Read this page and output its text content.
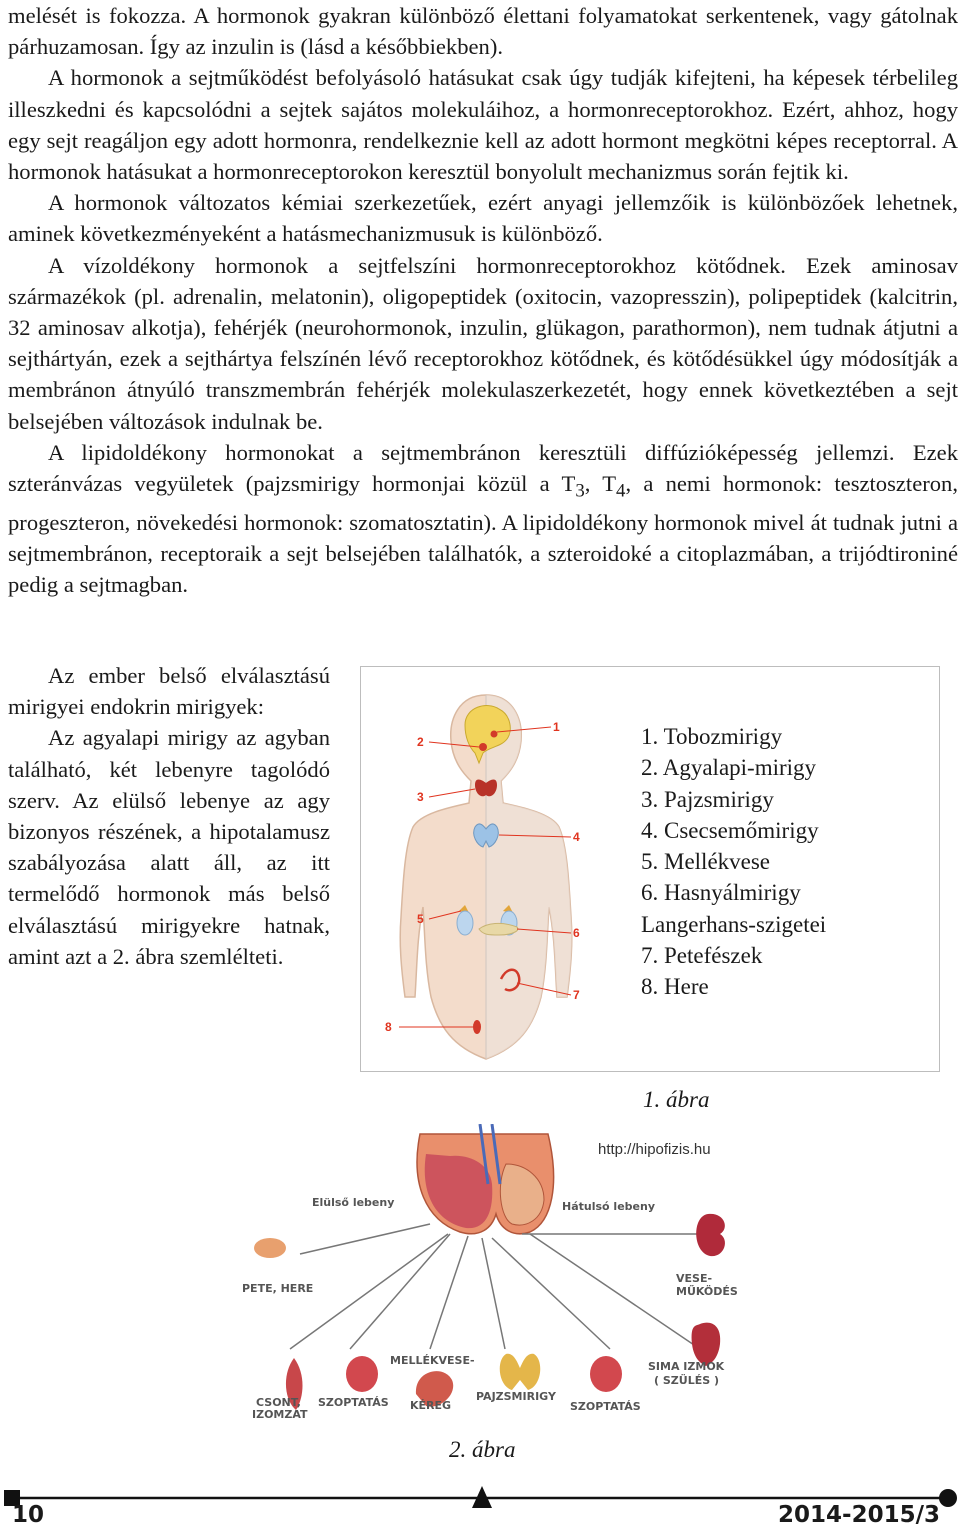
melését is fokozza. A hormonok gyakran különböző élettani folyamatokat serkentenek, vagy gátolnak párhuzamosan. Így az inzulin is (lásd a későbbiekben).

A hormonok a sejtműködést befolyásoló hatásukat csak úgy tudják kifejteni, ha képesek térbelileg illeszkedni és kapcsolódni a sejtek sajátos molekuláihoz, a hormonreceptorokhoz. Ezért, ahhoz, hogy egy sejt reagáljon egy adott hormonra, rendelkeznie kell az adott hormont megkötni képes receptorral. A hormonok hatásukat a hormonreceptorokon keresztül bonyolult mechanizmus során fejtik ki.

A hormonok változatos kémiai szerkezetűek, ezért anyagi jellemzőik is különbözőek lehetnek, aminek következményeként a hatásmechanizmusuk is különböző.

A vízoldékony hormonok a sejtfelszíni hormonreceptorokhoz kötődnek. Ezek aminosav származékok (pl. adrenalin, melatonin), oligopeptidek (oxitocin, vazopresszin), polipeptidek (kalcitrin, 32 aminosav alkotja), fehérjék (neurohormonok, inzulin, glükagon, parathormon), nem tudnak átjutni a sejthártyán, ezek a sejthártya felszínén lévő receptorokhoz kötődnek, és kötődésükkel úgy módosítják a membránon átnyúló transzmembrán fehérjék molekulaszerkezetét, hogy ennek következtében a sejt belsejében változások indulnak be.

A lipidoldékony hormonokat a sejtmembránon keresztüli diffúzióképesség jellemzi. Ezek szteránvázas vegyületek (pajzsmirigy hormonjai közül a $T_3$, $T_4$, a nemi hormonok: tesztoszteron, progeszteron, növekedési hormonok: szomatosztatin). A lipidoldékony hormonok mivel át tudnak jutni a sejtmembránon, receptoraik a sejt belsejében találhatók, a szteroidoké a citoplazmában, a trijódtironiné pedig a sejtmagban.

Az ember belső elválasztású mirigyei endokrin mirigyek:

Az agyalapi mirigy az agyban található, két lebenyre tagolódó szerv. Az elülső lebenye az agy bizonyos részének, a hipotalamusz szabályozása alatt áll, az itt termelődő hormonok más belső elválasztású mirigyekre hatnak, amint azt a 2. ábra szemlélteti.

1
2
3
4
5
6
7
8
1. Tobozmirigy
2. Agyalapi-mirigy
3. Pajzsmirigy
4. Csecsemőmirigy
5. Mellékvese
6. Hasnyálmirigy
Langerhans-szigetei
7. Petefészek
8. Here
1. ábra
http://hipofizis.hu
Elülső lebeny	Hátulsó lebeny
PETE, HERE
VESE-
MŰKÖDÉS
SIMA IZMOK
( SZÜLÉS )
CSONT,
IZOMZAT
SZOPTATÁS
MELLÉKVESE-
KÉREG
PAJZSMIRIGY
SZOPTATÁS
2. ábra
10	2014-2015/3
